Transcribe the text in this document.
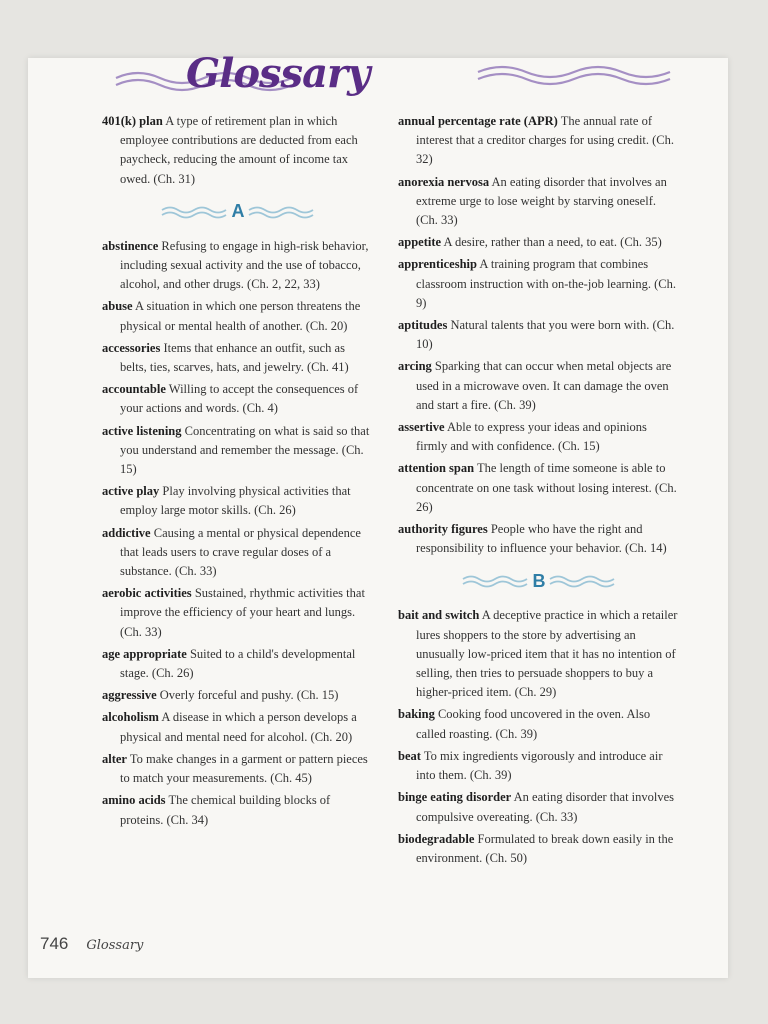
Glossary

401(k) plan A type of retirement plan in which employee contributions are deducted from each paycheck, reducing the amount of income tax owed. (Ch. 31)

A

abstinence Refusing to engage in high-risk behavior, including sexual activity and the use of tobacco, alcohol, and other drugs. (Ch. 2, 22, 33)

abuse A situation in which one person threatens the physical or mental health of another. (Ch. 20)

accessories Items that enhance an outfit, such as belts, ties, scarves, hats, and jewelry. (Ch. 41)

accountable Willing to accept the consequences of your actions and words. (Ch. 4)

active listening Concentrating on what is said so that you understand and remember the message. (Ch. 15)

active play Play involving physical activities that employ large motor skills. (Ch. 26)

addictive Causing a mental or physical dependence that leads users to crave regular doses of a substance. (Ch. 33)

aerobic activities Sustained, rhythmic activities that improve the efficiency of your heart and lungs. (Ch. 33)

age appropriate Suited to a child's developmental stage. (Ch. 26)

aggressive Overly forceful and pushy. (Ch. 15)

alcoholism A disease in which a person develops a physical and mental need for alcohol. (Ch. 20)

alter To make changes in a garment or pattern pieces to match your measurements. (Ch. 45)

amino acids The chemical building blocks of proteins. (Ch. 34)

annual percentage rate (APR) The annual rate of interest that a creditor charges for using credit. (Ch. 32)

anorexia nervosa An eating disorder that involves an extreme urge to lose weight by starving oneself. (Ch. 33)

appetite A desire, rather than a need, to eat. (Ch. 35)

apprenticeship A training program that combines classroom instruction with on-the-job learning. (Ch. 9)

aptitudes Natural talents that you were born with. (Ch. 10)

arcing Sparking that can occur when metal objects are used in a microwave oven. It can damage the oven and start a fire. (Ch. 39)

assertive Able to express your ideas and opinions firmly and with confidence. (Ch. 15)

attention span The length of time someone is able to concentrate on one task without losing interest. (Ch. 26)

authority figures People who have the right and responsibility to influence your behavior. (Ch. 14)

B

bait and switch A deceptive practice in which a retailer lures shoppers to the store by advertising an unusually low-priced item that it has no intention of selling, then tries to persuade shoppers to buy a higher-priced item. (Ch. 29)

baking Cooking food uncovered in the oven. Also called roasting. (Ch. 39)

beat To mix ingredients vigorously and introduce air into them. (Ch. 39)

binge eating disorder An eating disorder that involves compulsive overeating. (Ch. 33)

biodegradable Formulated to break down easily in the environment. (Ch. 50)

746 Glossary
